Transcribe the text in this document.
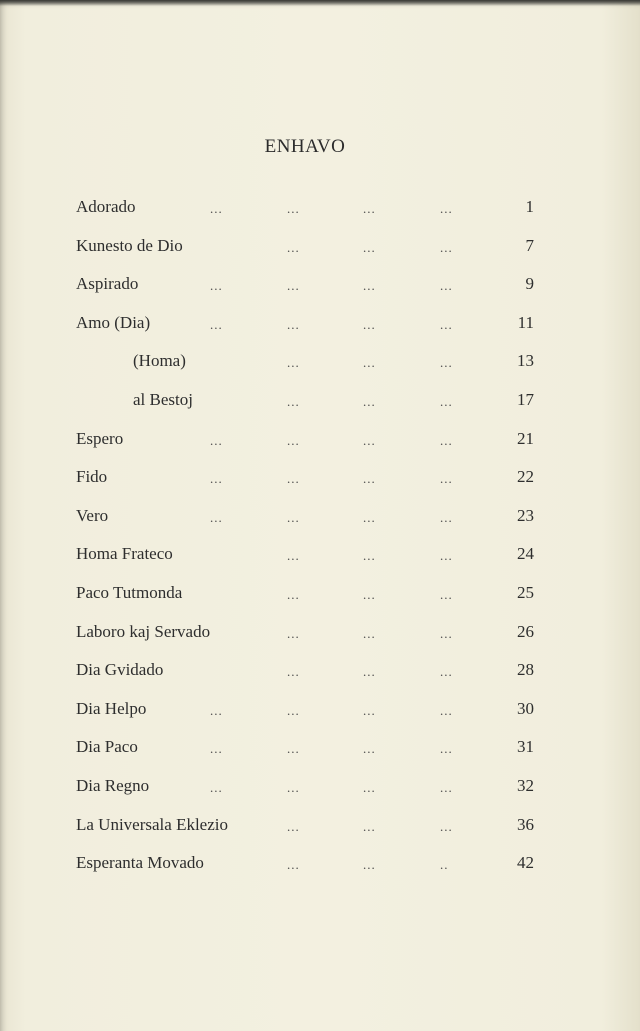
ENHAVO
Adorado	...	...	...	...	1
Kunesto de Dio	...	...	...	7
Aspirado	...	...	...	...	9
Amo (Dia)	...	...	...	...	11
(Homa)	...	...	...	13
al Bestoj	...	...	...	17
Espero	...	...	...	...	21
Fido	...	...	...	...	22
Vero	...	...	...	...	23
Homa Frateco	...	...	...	24
Paco Tutmonda	...	...	...	25
Laboro kaj Servado	...	...	...	26
Dia Gvidado	...	...	...	28
Dia Helpo	...	...	...	...	30
Dia Paco	...	...	...	...	31
Dia Regno	...	...	...	...	32
La Universala Eklezio	...	...	...	36
Esperanta Movado	...	...	..	42
